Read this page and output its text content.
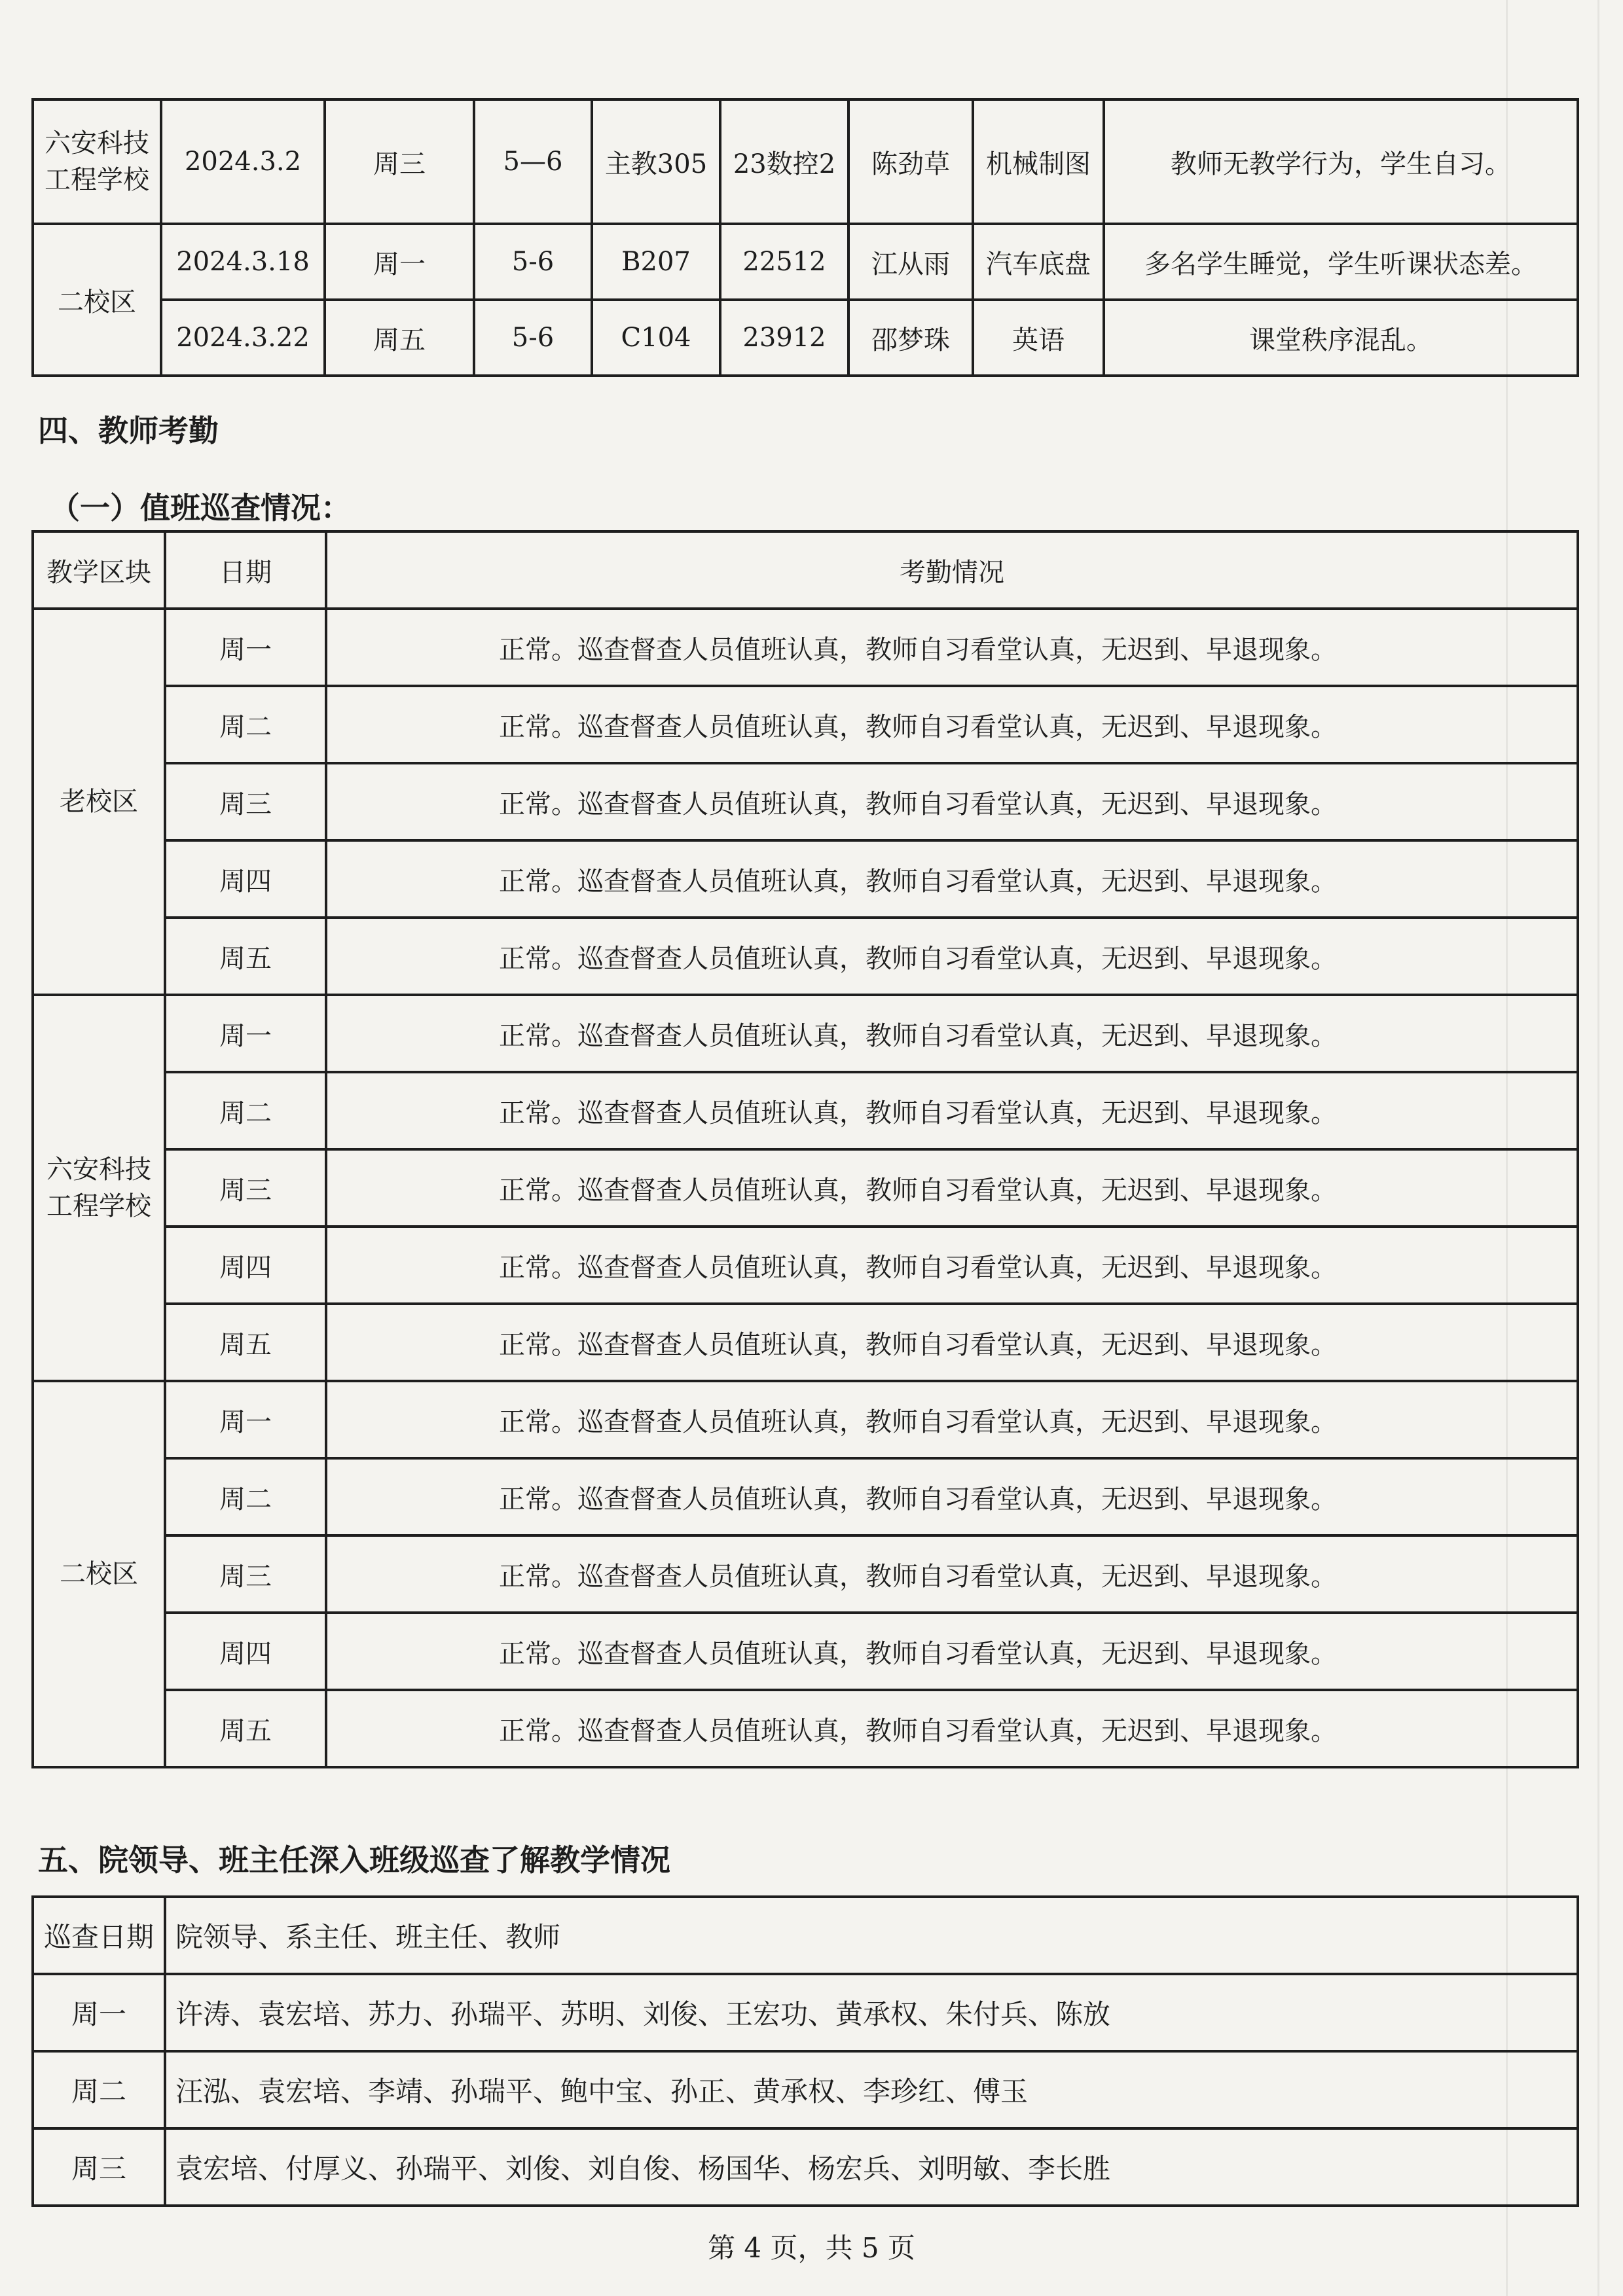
六安科技
工程学校	2024.3.2	周三	5—6	主教305	23数控2	陈劲草	机械制图	教师无教学行为，学生自习。
二校区	2024.3.18	周一	5-6	B207	22512	江从雨	汽车底盘	多名学生睡觉，学生听课状态差。
	2024.3.22	周五	5-6	C104	23912	邵梦珠	英语	课堂秩序混乱。
四、教师考勤
（一）值班巡查情况：
教学区块	日期	考勤情况
老校区	周一	正常。巡查督查人员值班认真，教师自习看堂认真，无迟到、早退现象。
	周二	正常。巡查督查人员值班认真，教师自习看堂认真，无迟到、早退现象。
	周三	正常。巡查督查人员值班认真，教师自习看堂认真，无迟到、早退现象。
	周四	正常。巡查督查人员值班认真，教师自习看堂认真，无迟到、早退现象。
	周五	正常。巡查督查人员值班认真，教师自习看堂认真，无迟到、早退现象。
六安科技
工程学校	周一	正常。巡查督查人员值班认真，教师自习看堂认真，无迟到、早退现象。
	周二	正常。巡查督查人员值班认真，教师自习看堂认真，无迟到、早退现象。
	周三	正常。巡查督查人员值班认真，教师自习看堂认真，无迟到、早退现象。
	周四	正常。巡查督查人员值班认真，教师自习看堂认真，无迟到、早退现象。
	周五	正常。巡查督查人员值班认真，教师自习看堂认真，无迟到、早退现象。
二校区	周一	正常。巡查督查人员值班认真，教师自习看堂认真，无迟到、早退现象。
	周二	正常。巡查督查人员值班认真，教师自习看堂认真，无迟到、早退现象。
	周三	正常。巡查督查人员值班认真，教师自习看堂认真，无迟到、早退现象。
	周四	正常。巡查督查人员值班认真，教师自习看堂认真，无迟到、早退现象。
	周五	正常。巡查督查人员值班认真，教师自习看堂认真，无迟到、早退现象。
五、院领导、班主任深入班级巡查了解教学情况
巡查日期	院领导、系主任、班主任、教师
周一	许涛、袁宏培、苏力、孙瑞平、苏明、刘俊、王宏功、黄承权、朱付兵、陈放
周二	汪泓、袁宏培、李靖、孙瑞平、鲍中宝、孙正、黄承权、李珍红、傅玉
周三	袁宏培、付厚义、孙瑞平、刘俊、刘自俊、杨国华、杨宏兵、刘明敏、李长胜
第 4 页，共 5 页
